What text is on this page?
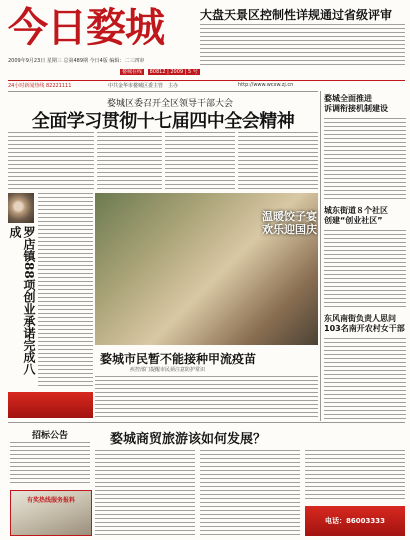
今日婺城	大盘天景区控制性详规通过省级评审
2009年9月23日 星期三 总第489期 今日4版 编辑：二三四审
婺城在线 80812 | 2009 | 5 号
24小时新闻热线 82221111	中共金华市婺城区委主管　主办	http://www.wcxw.zj.cn
婺城区委召开全区领导干部大会
全面学习贯彻十七届四中全会精神
罗店镇88项创业承诺完成八成
温暖饺子宴
欢乐迎国庆
婺城市民暂不能接种甲流疫苗
疾控部门提醒市民须注意防护常识
婺城全面推进
诉调衔接机制建设
城东街道８个社区
创建“创业社区”
东风南街负责人思问
103名南开农村女干部
招标公告
有奖热线服务报料
婺城商贸旅游该如何发展？
电话：86003333
